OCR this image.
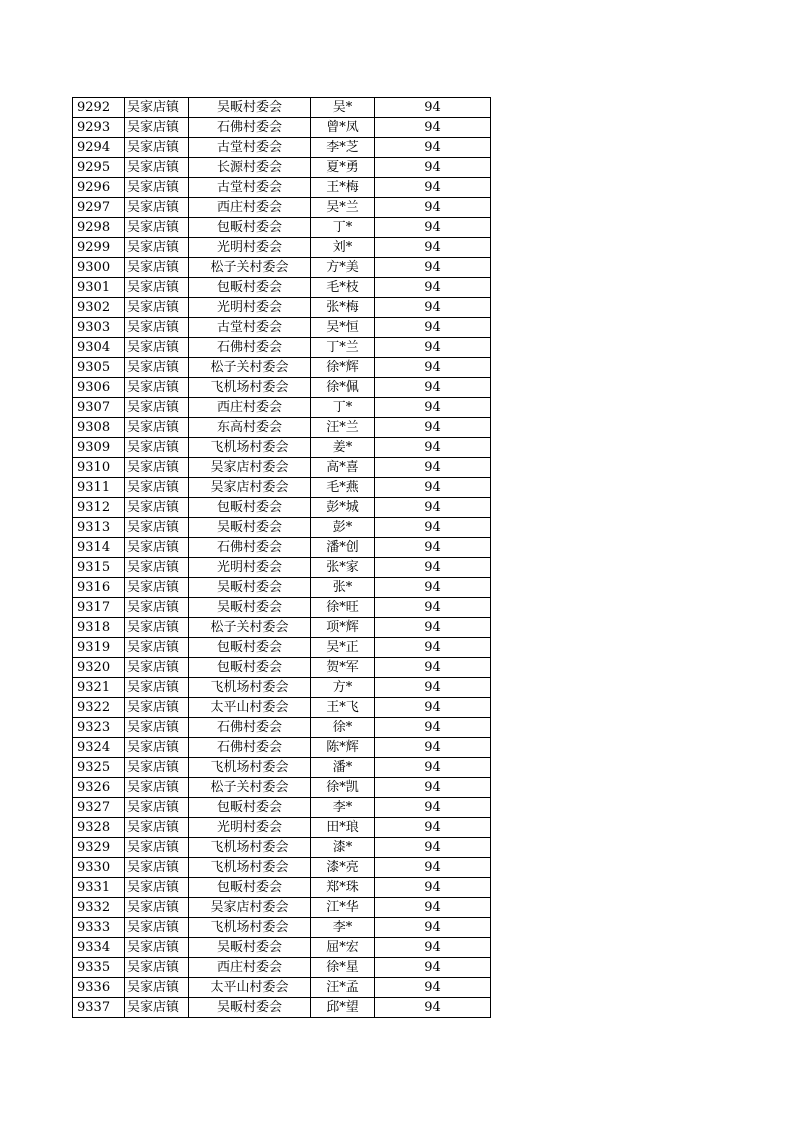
9292	吴家店镇	吴畈村委会	吴*	94
9293	吴家店镇	石佛村委会	曾*凤	94
9294	吴家店镇	古堂村委会	李*芝	94
9295	吴家店镇	长源村委会	夏*勇	94
9296	吴家店镇	古堂村委会	王*梅	94
9297	吴家店镇	西庄村委会	吴*兰	94
9298	吴家店镇	包畈村委会	丁*	94
9299	吴家店镇	光明村委会	刘*	94
9300	吴家店镇	松子关村委会	方*美	94
9301	吴家店镇	包畈村委会	毛*枝	94
9302	吴家店镇	光明村委会	张*梅	94
9303	吴家店镇	古堂村委会	吴*恒	94
9304	吴家店镇	石佛村委会	丁*兰	94
9305	吴家店镇	松子关村委会	徐*辉	94
9306	吴家店镇	飞机场村委会	徐*佩	94
9307	吴家店镇	西庄村委会	丁*	94
9308	吴家店镇	东高村委会	汪*兰	94
9309	吴家店镇	飞机场村委会	姜*	94
9310	吴家店镇	吴家店村委会	高*喜	94
9311	吴家店镇	吴家店村委会	毛*燕	94
9312	吴家店镇	包畈村委会	彭*城	94
9313	吴家店镇	吴畈村委会	彭*	94
9314	吴家店镇	石佛村委会	潘*创	94
9315	吴家店镇	光明村委会	张*家	94
9316	吴家店镇	吴畈村委会	张*	94
9317	吴家店镇	吴畈村委会	徐*旺	94
9318	吴家店镇	松子关村委会	项*辉	94
9319	吴家店镇	包畈村委会	吴*正	94
9320	吴家店镇	包畈村委会	贺*军	94
9321	吴家店镇	飞机场村委会	方*	94
9322	吴家店镇	太平山村委会	王*飞	94
9323	吴家店镇	石佛村委会	徐*	94
9324	吴家店镇	石佛村委会	陈*辉	94
9325	吴家店镇	飞机场村委会	潘*	94
9326	吴家店镇	松子关村委会	徐*凯	94
9327	吴家店镇	包畈村委会	李*	94
9328	吴家店镇	光明村委会	田*琅	94
9329	吴家店镇	飞机场村委会	漆*	94
9330	吴家店镇	飞机场村委会	漆*亮	94
9331	吴家店镇	包畈村委会	郑*珠	94
9332	吴家店镇	吴家店村委会	江*华	94
9333	吴家店镇	飞机场村委会	李*	94
9334	吴家店镇	吴畈村委会	屈*宏	94
9335	吴家店镇	西庄村委会	徐*星	94
9336	吴家店镇	太平山村委会	汪*孟	94
9337	吴家店镇	吴畈村委会	邱*望	94
